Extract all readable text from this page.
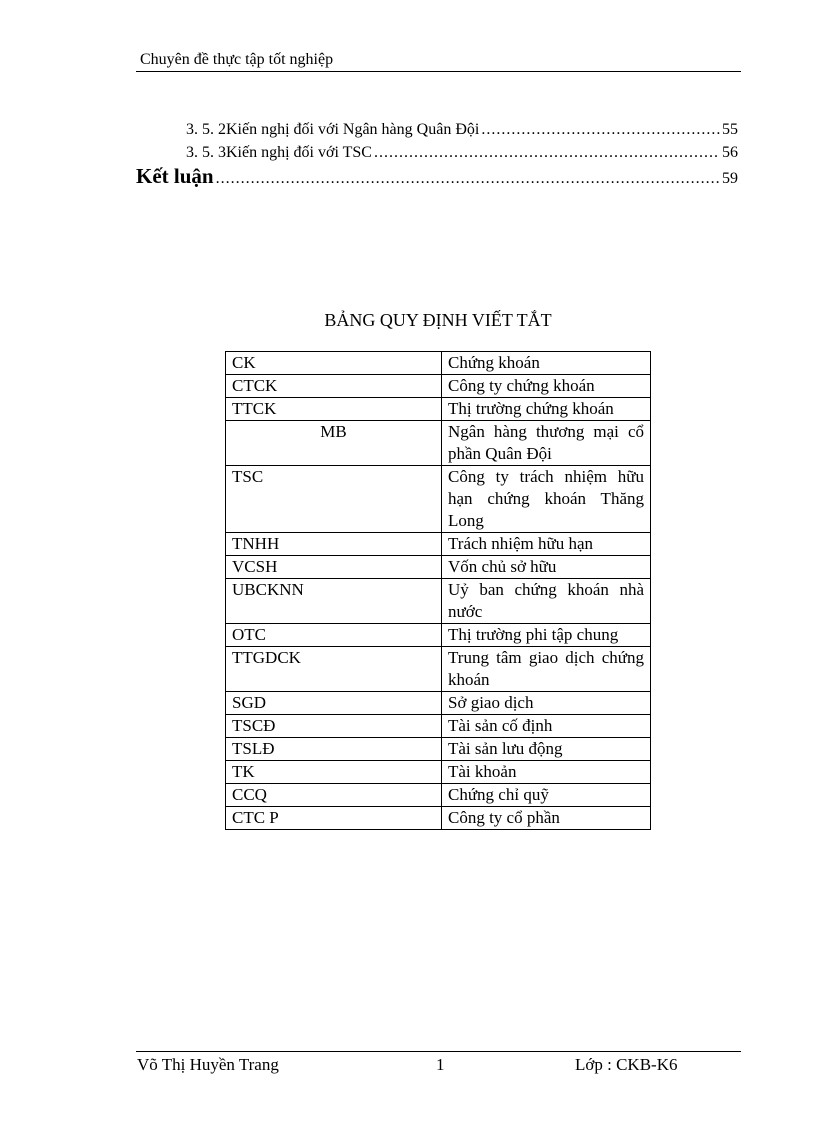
Chuyên đề thực tập tốt nghiệp
3. 5. 2Kiến nghị đối với Ngân hàng Quân Đội .....	55
3. 5. 3Kiến nghị đối với TSC .....	56
Kết luận .....	59
BẢNG QUY ĐỊNH VIẾT TẮT
CK	Chứng khoán
CTCK	Công ty chứng khoán
TTCK	Thị trường chứng khoán
MB	Ngân hàng thương mại cổ phần Quân Đội
TSC	Công ty trách nhiệm hữu hạn chứng khoán Thăng Long
TNHH	Trách nhiệm hữu hạn
VCSH	Vốn chủ sở hữu
UBCKNN	Uỷ ban chứng khoán nhà nước
OTC	Thị trường phi tập chung
TTGDCK	Trung tâm giao dịch chứng khoán
SGD	Sở giao dịch
TSCĐ	Tài sản cố định
TSLĐ	Tài sản lưu động
TK	Tài khoản
CCQ	Chứng chỉ quỹ
CTC P	Công ty cổ phần
Võ Thị Huyền Trang	1	Lớp : CKB-K6
